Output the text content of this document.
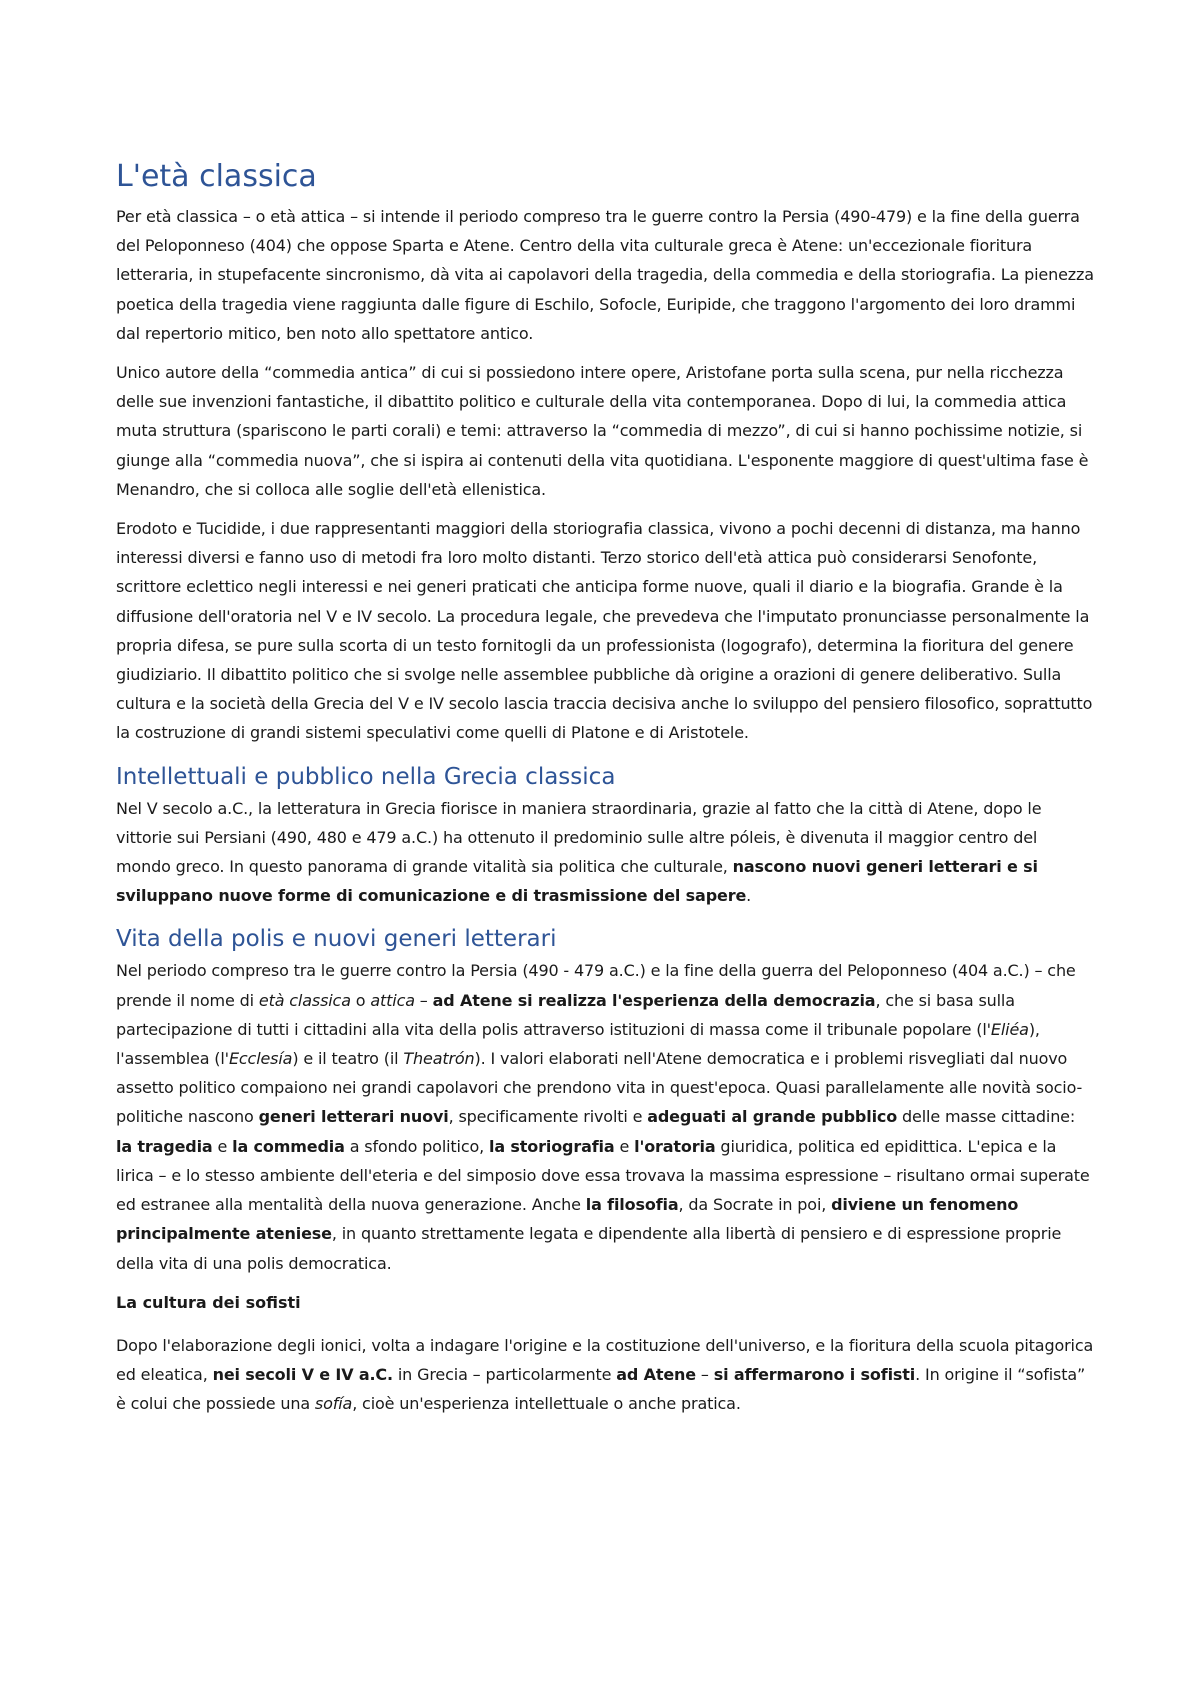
L'età classica

Per età classica – o età attica – si intende il periodo compreso tra le guerre contro la Persia (490-479) e la fine della guerra del Peloponneso (404) che oppose Sparta e Atene. Centro della vita culturale greca è Atene: un'eccezionale fioritura letteraria, in stupefacente sincronismo, dà vita ai capolavori della tragedia, della commedia e della storiografia. La pienezza poetica della tragedia viene raggiunta dalle figure di Eschilo, Sofocle, Euripide, che traggono l'argomento dei loro drammi dal repertorio mitico, ben noto allo spettatore antico.

Unico autore della “commedia antica” di cui si possiedono intere opere, Aristofane porta sulla scena, pur nella ricchezza delle sue invenzioni fantastiche, il dibattito politico e culturale della vita contemporanea. Dopo di lui, la commedia attica muta struttura (spariscono le parti corali) e temi: attraverso la “commedia di mezzo”, di cui si hanno pochissime notizie, si giunge alla “commedia nuova”, che si ispira ai contenuti della vita quotidiana. L'esponente maggiore di quest'ultima fase è Menandro, che si colloca alle soglie dell'età ellenistica.

Erodoto e Tucidide, i due rappresentanti maggiori della storiografia classica, vivono a pochi decenni di distanza, ma hanno interessi diversi e fanno uso di metodi fra loro molto distanti. Terzo storico dell'età attica può considerarsi Senofonte, scrittore eclettico negli interessi e nei generi praticati che anticipa forme nuove, quali il diario e la biografia. Grande è la diffusione dell'oratoria nel V e IV secolo. La procedura legale, che prevedeva che l'imputato pronunciasse personalmente la propria difesa, se pure sulla scorta di un testo fornitogli da un professionista (logografo), determina la fioritura del genere giudiziario. Il dibattito politico che si svolge nelle assemblee pubbliche dà origine a orazioni di genere deliberativo. Sulla cultura e la società della Grecia del V e IV secolo lascia traccia decisiva anche lo sviluppo del pensiero filosofico, soprattutto la costruzione di grandi sistemi speculativi come quelli di Platone e di Aristotele.

Intellettuali e pubblico nella Grecia classica

Nel V secolo a.C., la letteratura in Grecia fiorisce in maniera straordinaria, grazie al fatto che la città di Atene, dopo le vittorie sui Persiani (490, 480 e 479 a.C.) ha ottenuto il predominio sulle altre póleis, è divenuta il maggior centro del mondo greco. In questo panorama di grande vitalità sia politica che culturale, nascono nuovi generi letterari e si sviluppano nuove forme di comunicazione e di trasmissione del sapere.

Vita della polis e nuovi generi letterari

Nel periodo compreso tra le guerre contro la Persia (490 - 479 a.C.) e la fine della guerra del Peloponneso (404 a.C.) – che prende il nome di età classica o attica – ad Atene si realizza l'esperienza della democrazia, che si basa sulla partecipazione di tutti i cittadini alla vita della polis attraverso istituzioni di massa come il tribunale popolare (l'Eliéa), l'assemblea (l'Ecclesía) e il teatro (il Theatrón). I valori elaborati nell'Atene democratica e i problemi risvegliati dal nuovo assetto politico compaiono nei grandi capolavori che prendono vita in quest'epoca. Quasi parallelamente alle novità socio-politiche nascono generi letterari nuovi, specificamente rivolti e adeguati al grande pubblico delle masse cittadine: la tragedia e la commedia a sfondo politico, la storiografia e l'oratoria giuridica, politica ed epidittica. L'epica e la lirica – e lo stesso ambiente dell'eteria e del simposio dove essa trovava la massima espressione – risultano ormai superate ed estranee alla mentalità della nuova generazione. Anche la filosofia, da Socrate in poi, diviene un fenomeno principalmente ateniese, in quanto strettamente legata e dipendente alla libertà di pensiero e di espressione proprie della vita di una polis democratica.

La cultura dei sofisti

Dopo l'elaborazione degli ionici, volta a indagare l'origine e la costituzione dell'universo, e la fioritura della scuola pitagorica ed eleatica, nei secoli V e IV a.C. in Grecia – particolarmente ad Atene – si affermarono i sofisti. In origine il “sofista” è colui che possiede una sofía, cioè un'esperienza intellettuale o anche pratica.
